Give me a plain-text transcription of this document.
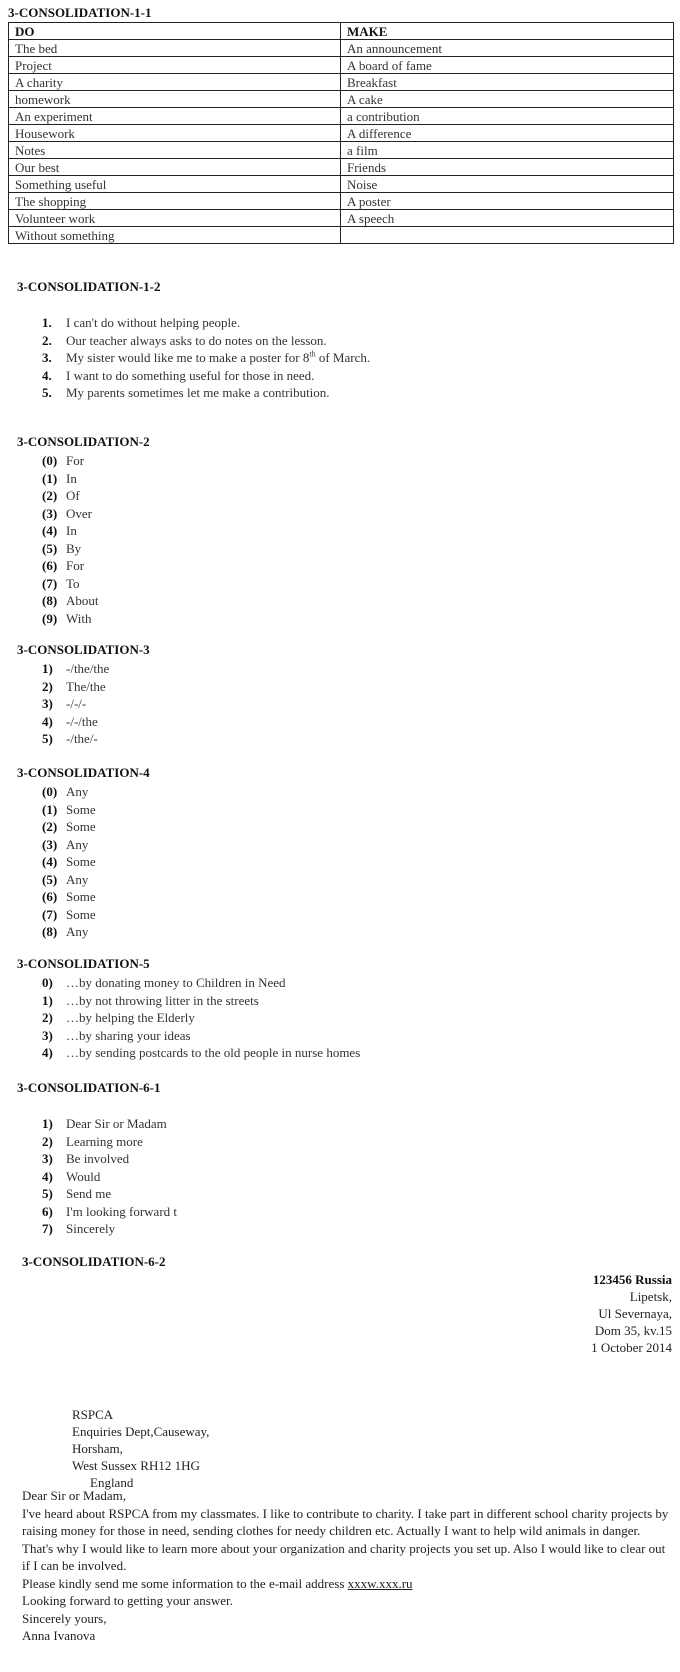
3-CONSOLIDATION-1-1
DO	MAKE
The bed	An announcement
Project	A board of fame
A charity	Breakfast
homework	A cake
An experiment	a contribution
Housework	A difference
Notes	a film
Our best	Friends
Something useful	Noise
The shopping	A poster
Volunteer work	A speech
Without something	
3-CONSOLIDATION-1-2
1. I can't do without helping people.
2. Our teacher always asks to do notes on the lesson.
3. My sister would like me to make a poster for 8th of March.
4. I want to do something useful for those in need.
5. My parents sometimes let me make a contribution.
3-CONSOLIDATION-2
(0) For
(1) In
(2) Of
(3) Over
(4) In
(5) By
(6) For
(7) To
(8) About
(9) With
3-CONSOLIDATION-3
1) -/the/the
2) The/the
3) -/-/-
4) -/-/the
5) -/the/-
3-CONSOLIDATION-4
(0) Any
(1) Some
(2) Some
(3) Any
(4) Some
(5) Any
(6) Some
(7) Some
(8) Any
3-CONSOLIDATION-5
0) …by donating money to Children in Need
1) …by not throwing litter in the streets
2) …by helping the Elderly
3) …by sharing your ideas
4) …by sending postcards to the old people in nurse homes
3-CONSOLIDATION-6-1
1) Dear Sir or Madam
2) Learning more
3) Be involved
4) Would
5) Send me
6) I'm looking forward t
7) Sincerely
3-CONSOLIDATION-6-2
123456 Russia
Lipetsk,
Ul Severnaya,
Dom 35, kv.15
1 October 2014
RSPCA
Enquiries Dept,Causeway,
Horsham,
West Sussex RH12 1HG
England

Dear Sir or Madam,

I've heard about RSPCA from my classmates. I like to contribute to charity. I take part in different school charity projects by raising money for those in need, sending clothes for needy children etc. Actually I want to help wild animals in danger. That's why I would like to learn more about your organization and charity projects you set up. Also I would like to clear out if I can be involved.

Please kindly send me some information to the e-mail address xxxw.xxx.ru

Looking forward to getting your answer.

Sincerely yours,

Anna Ivanova
